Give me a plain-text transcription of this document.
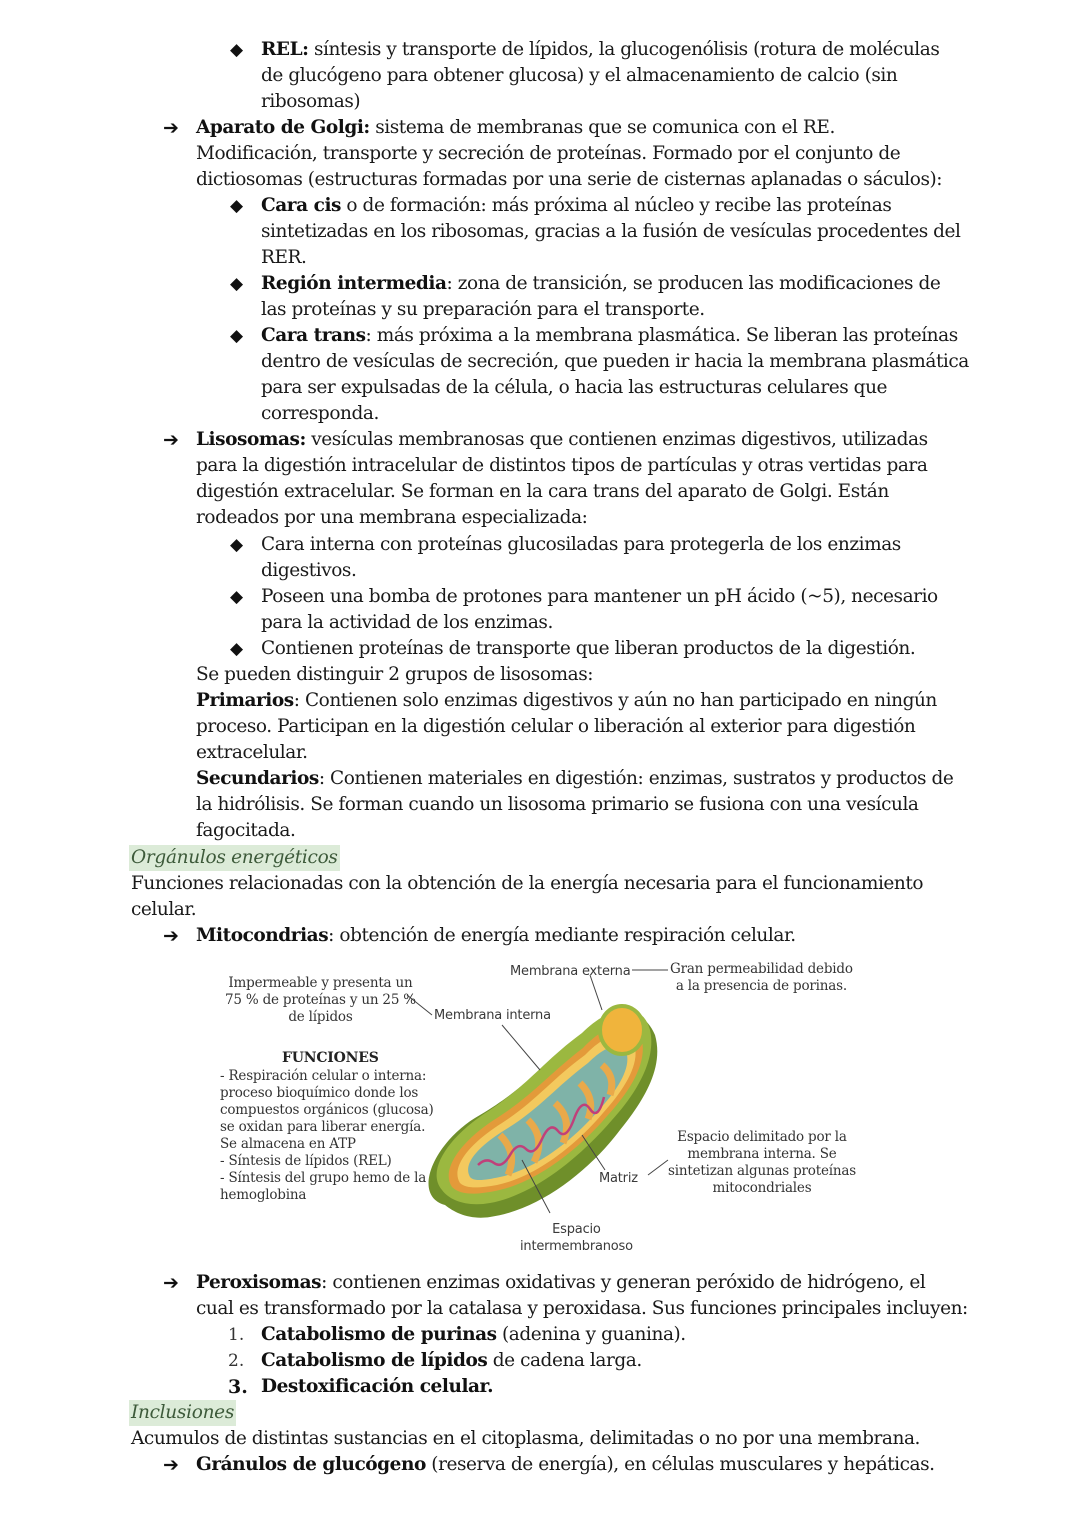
◆ REL: síntesis y transporte de lípidos, la glucogenólisis (rotura de moléculas
de glucógeno para obtener glucosa) y el almacenamiento de calcio (sin
ribosomas)
➔ Aparato de Golgi: sistema de membranas que se comunica con el RE.
Modificación, transporte y secreción de proteínas. Formado por el conjunto de
dictiosomas (estructuras formadas por una serie de cisternas aplanadas o sáculos):
◆ Cara cis o de formación: más próxima al núcleo y recibe las proteínas
sintetizadas en los ribosomas, gracias a la fusión de vesículas procedentes del
RER.
◆ Región intermedia: zona de transición, se producen las modificaciones de
las proteínas y su preparación para el transporte.
◆ Cara trans: más próxima a la membrana plasmática. Se liberan las proteínas
dentro de vesículas de secreción, que pueden ir hacia la membrana plasmática
para ser expulsadas de la célula, o hacia las estructuras celulares que
corresponda.
➔ Lisosomas: vesículas membranosas que contienen enzimas digestivos, utilizadas
para la digestión intracelular de distintos tipos de partículas y otras vertidas para
digestión extracelular. Se forman en la cara trans del aparato de Golgi. Están
rodeados por una membrana especializada:
◆ Cara interna con proteínas glucosiladas para protegerla de los enzimas
digestivos.
◆ Poseen una bomba de protones para mantener un pH ácido (~5), necesario
para la actividad de los enzimas.
◆ Contienen proteínas de transporte que liberan productos de la digestión.
Se pueden distinguir 2 grupos de lisosomas:
Primarios: Contienen solo enzimas digestivos y aún no han participado en ningún
proceso. Participan en la digestión celular o liberación al exterior para digestión
extracelular.
Secundarios: Contienen materiales en digestión: enzimas, sustratos y productos de
la hidrólisis. Se forman cuando un lisosoma primario se fusiona con una vesícula
fagocitada.
Orgánulos energéticos
Funciones relacionadas con la obtención de la energía necesaria para el funcionamiento
celular.
➔ Mitocondrias: obtención de energía mediante respiración celular.
Impermeable y presenta un
75 % de proteínas y un 25 %
de lípidos	Membrana interna
Membrana externa	Gran permeabilidad debido
a la presencia de porinas.
FUNCIONES
- Respiración celular o interna:
proceso bioquímico donde los
compuestos orgánicos (glucosa)
se oxidan para liberar energía.
Se almacena en ATP
- Síntesis de lípidos (REL)
- Síntesis del grupo hemo de la
hemoglobina
Matriz
Espacio delimitado por la
membrana interna. Se
sintetizan algunas proteínas
mitocondriales
Espacio
intermembranoso
➔ Peroxisomas: contienen enzimas oxidativas y generan peróxido de hidrógeno, el
cual es transformado por la catalasa y peroxidasa. Sus funciones principales incluyen:
1. Catabolismo de purinas (adenina y guanina).
2. Catabolismo de lípidos de cadena larga.
3. Destoxificación celular.
Inclusiones
Acumulos de distintas sustancias en el citoplasma, delimitadas o no por una membrana.
➔ Gránulos de glucógeno (reserva de energía), en células musculares y hepáticas.
